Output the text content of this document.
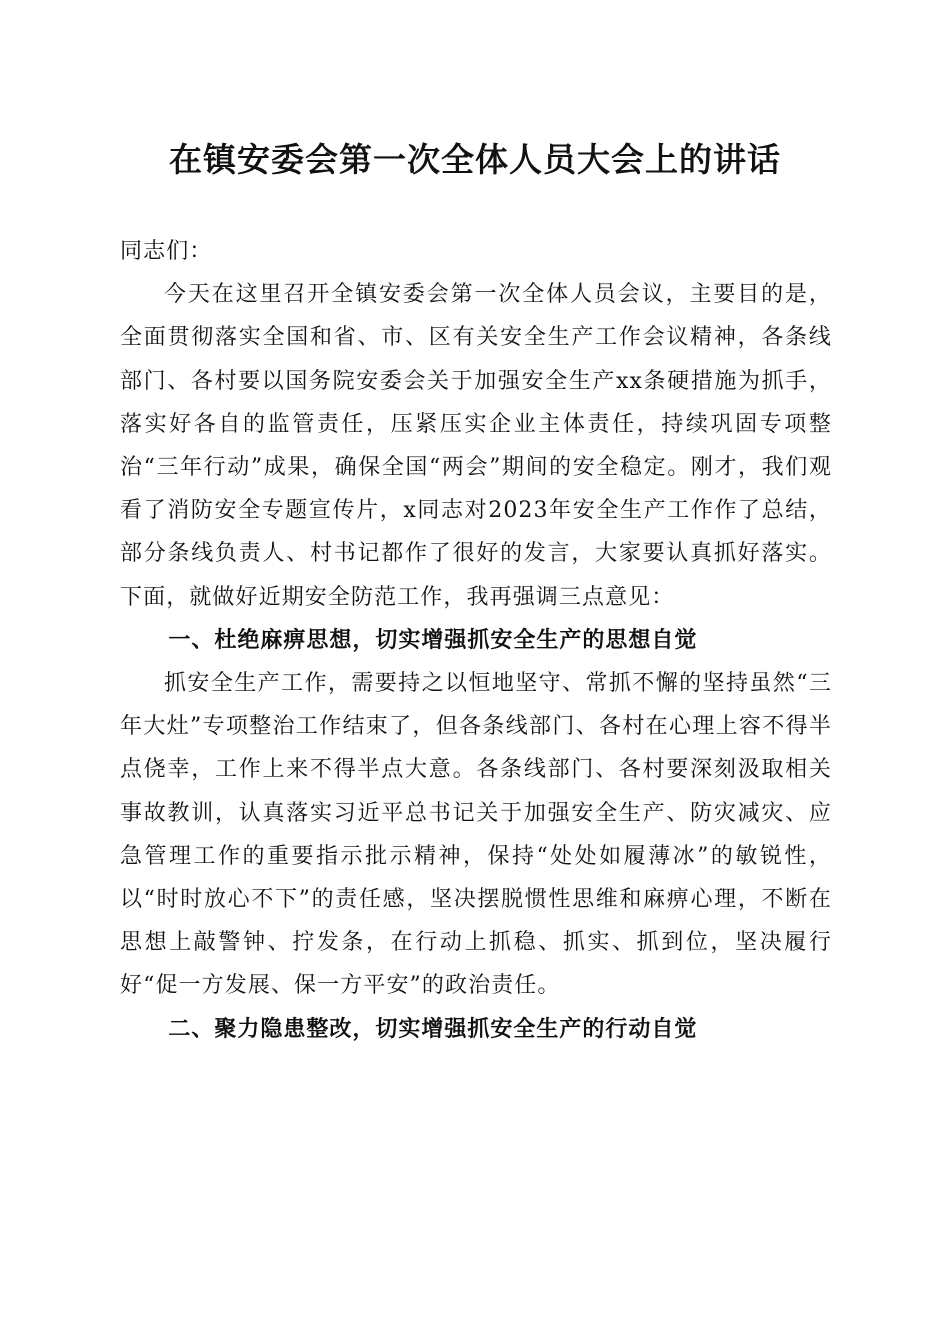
在镇安委会第一次全体人员大会上的讲话

同志们：

今天在这里召开全镇安委会第一次全体人员会议，主要目的是，全面贯彻落实全国和省、市、区有关安全生产工作会议精神，各条线部门、各村要以国务院安委会关于加强安全生产xx条硬措施为抓手，落实好各自的监管责任，压紧压实企业主体责任，持续巩固专项整治“三年行动”成果，确保全国“两会”期间的安全稳定。刚才，我们观看了消防安全专题宣传片，x同志对2023年安全生产工作作了总结，部分条线负责人、村书记都作了很好的发言，大家要认真抓好落实。下面，就做好近期安全防范工作，我再强调三点意见：

一、杜绝麻痹思想，切实增强抓安全生产的思想自觉

抓安全生产工作，需要持之以恒地坚守、常抓不懈的坚持虽然“三年大灶”专项整治工作结束了，但各条线部门、各村在心理上容不得半点侥幸，工作上来不得半点大意。各条线部门、各村要深刻汲取相关事故教训，认真落实习近平总书记关于加强安全生产、防灾减灾、应急管理工作的重要指示批示精神，保持“处处如履薄冰”的敏锐性，以“时时放心不下”的责任感，坚决摆脱惯性思维和麻痹心理，不断在思想上敲警钟、拧发条，在行动上抓稳、抓实、抓到位，坚决履行好“促一方发展、保一方平安”的政治责任。

二、聚力隐患整改，切实增强抓安全生产的行动自觉
